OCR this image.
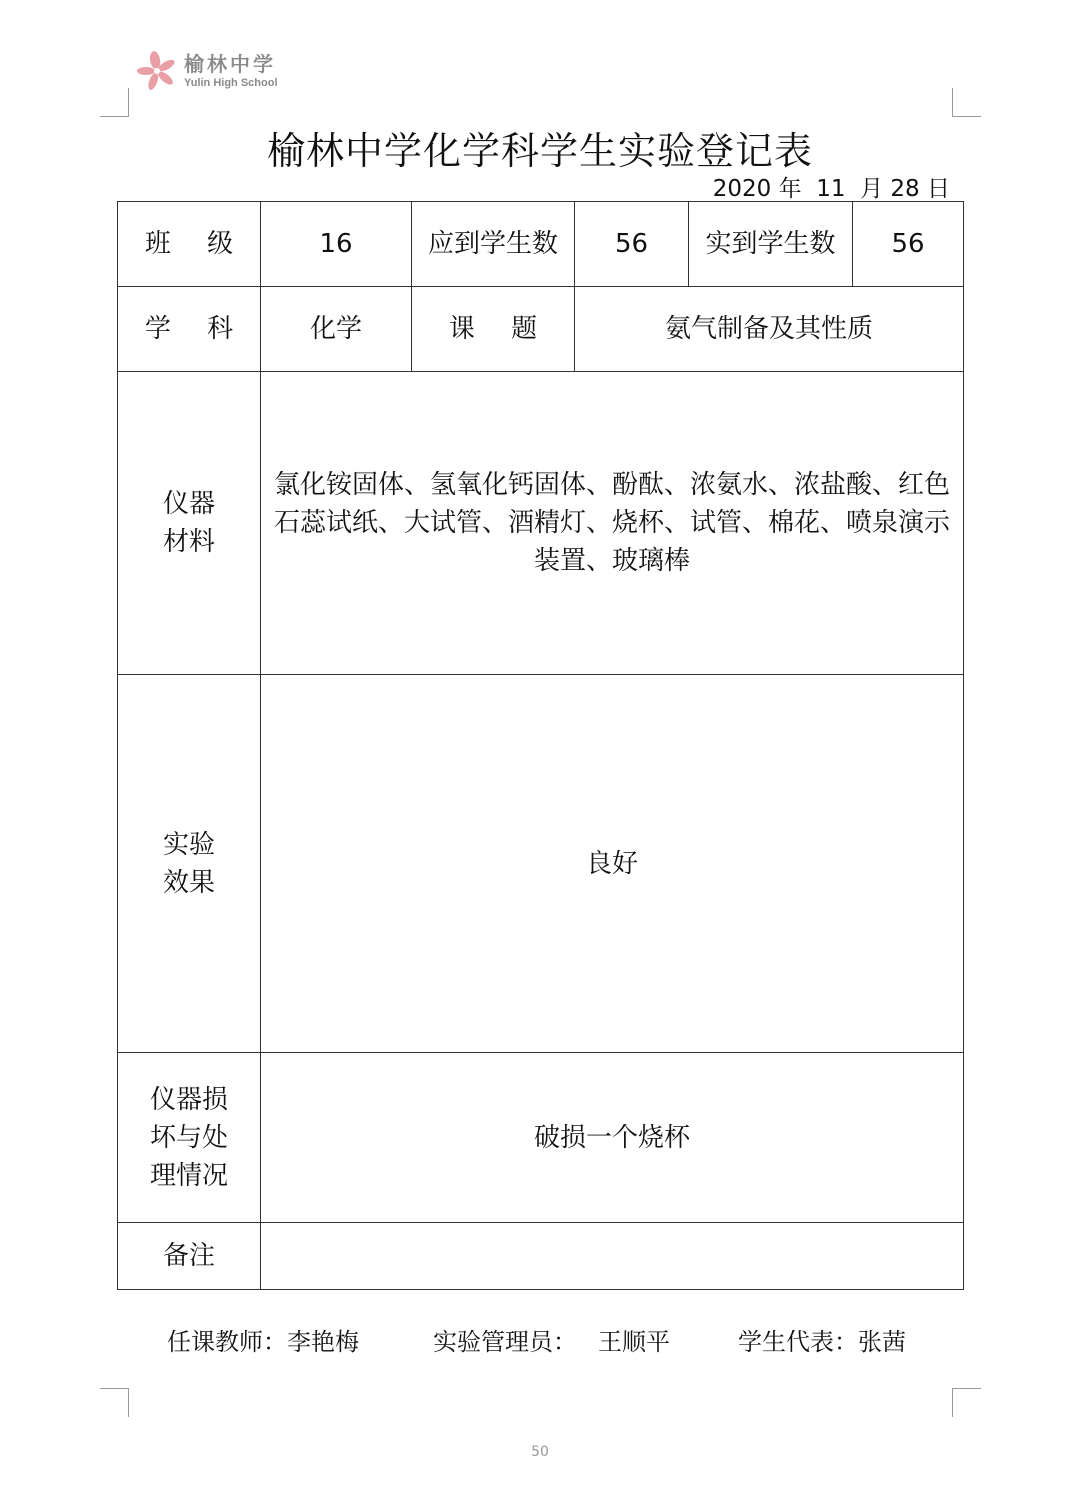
榆林中学
Yulin High School
榆林中学化学科学生实验登记表
2020 年 11 月 28 日
班 级	16	应到学生数	56	实到学生数	56
学 科	化学	课 题	氨气制备及其性质		

仪器
材料	氯化铵固体、氢氧化钙固体、酚酞、浓氨水、浓盐酸、红色石蕊试纸、大试管、酒精灯、烧杯、试管、棉花、喷泉演示装置、玻璃棒				

实验
效果	良好				

仪器损
坏与处
理情况	破损一个烧杯				
备注					
任课教师：李艳梅	实验管理员： 王顺平	学生代表：张茜
50
